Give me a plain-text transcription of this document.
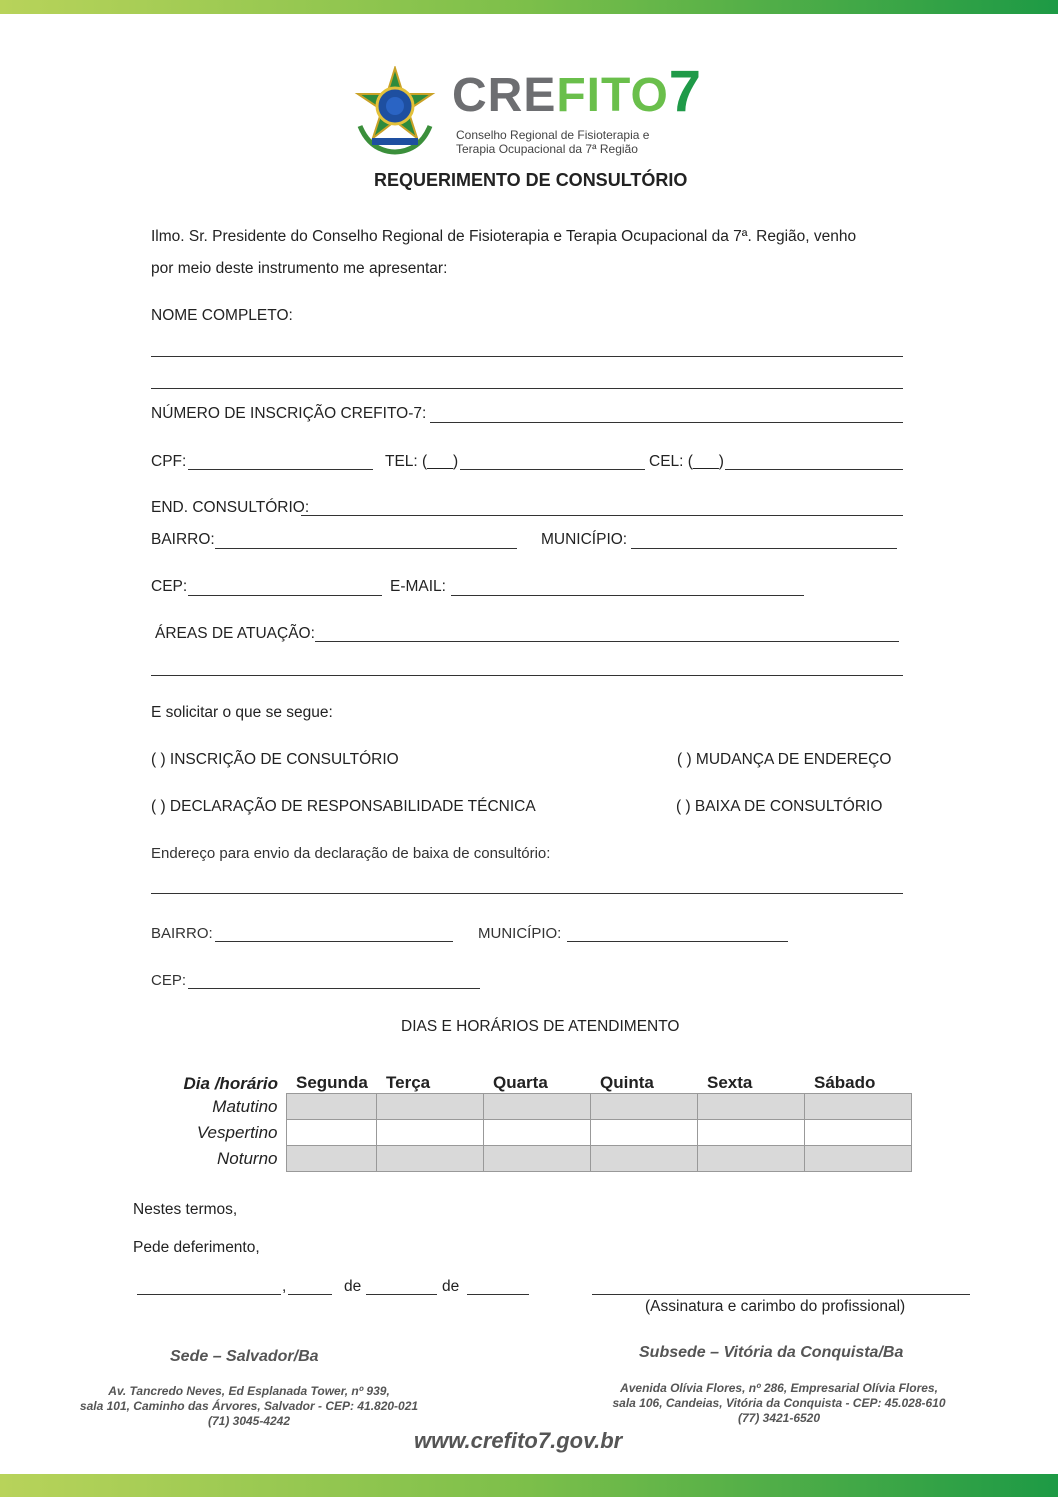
CREFITO7
Conselho Regional de Fisioterapia e
Terapia Ocupacional da 7ª Região
REQUERIMENTO DE CONSULTÓRIO
Ilmo. Sr. Presidente do Conselho Regional de Fisioterapia e Terapia Ocupacional da 7ª. Região, venho
por meio deste instrumento me apresentar:
NOME COMPLETO:
NÚMERO DE INSCRIÇÃO CREFITO-7:
CPF:	TEL: (___)	CEL: (___)
END. CONSULTÓRIO:
BAIRRO:	MUNICÍPIO:
CEP:	E-MAIL:
ÁREAS DE ATUAÇÃO:
E solicitar o que se segue:
( ) INSCRIÇÃO DE CONSULTÓRIO	( ) MUDANÇA DE ENDEREÇO
( ) DECLARAÇÃO DE RESPONSABILIDADE TÉCNICA	( ) BAIXA DE CONSULTÓRIO
Endereço para envio da declaração de baixa de consultório:
BAIRRO:	MUNICÍPIO:
CEP:
DIAS E HORÁRIOS DE ATENDIMENTO
Dia /horário	Segunda	Terça	Quarta	Quinta	Sexta	Sábado
Matutino						
Vespertino						
Noturno						
Nestes termos,
Pede deferimento,
,	de	de
(Assinatura e carimbo do profissional)
Sede – Salvador/Ba
Av. Tancredo Neves, Ed Esplanada Tower, nº 939,
sala 101, Caminho das Árvores, Salvador - CEP: 41.820-021
(71) 3045-4242
Subsede – Vitória da Conquista/Ba
Avenida Olívia Flores, nº 286, Empresarial Olívia Flores,
sala 106, Candeias, Vitória da Conquista - CEP: 45.028-610
(77) 3421-6520
www.crefito7.gov.br
